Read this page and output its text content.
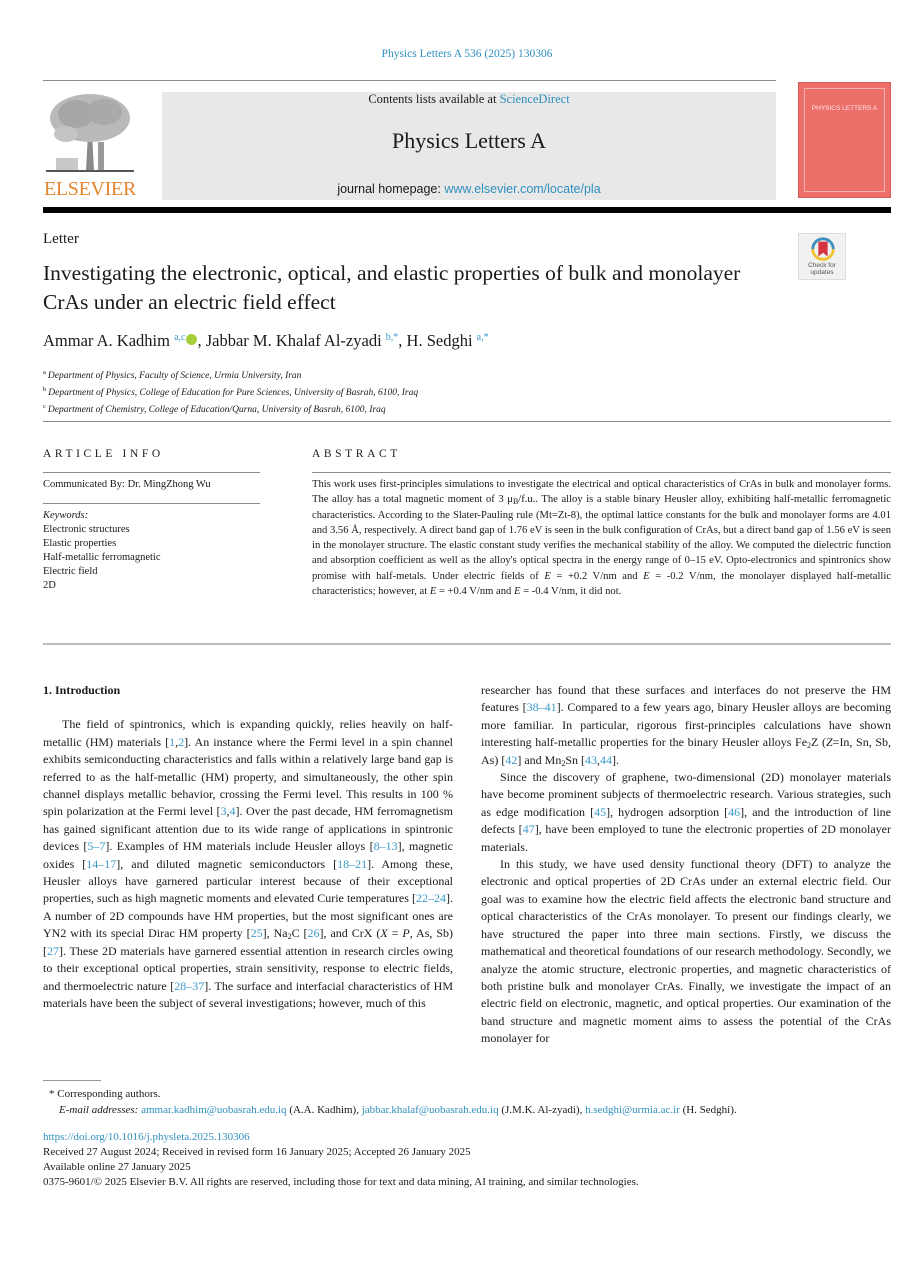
Physics Letters A 536 (2025) 130306
ELSEVIER
Contents lists available at ScienceDirect
Physics Letters A
journal homepage: www.elsevier.com/locate/pla
PHYSICS LETTERS A
Letter
Check for updates
Investigating the electronic, optical, and elastic properties of bulk and monolayer CrAs under an electric field effect
Ammar A. Kadhim $^{a,c}$ , Jabbar M. Khalaf Al-zyadi $^{b,*}$, H. Sedghi $^{a,*}$
$^a$ Department of Physics, Faculty of Science, Urmia University, Iran
$^b$ Department of Physics, College of Education for Pure Sciences, University of Basrah, 6100, Iraq
$^c$ Department of Chemistry, College of Education/Qurna, University of Basrah, 6100, Iraq
ARTICLE INFO
Communicated By: Dr. MingZhong Wu
Keywords:
Electronic structures
Elastic properties
Half-metallic ferromagnetic
Electric field
2D
ABSTRACT
This work uses first-principles simulations to investigate the electrical and optical characteristics of CrAs in bulk and monolayer forms. The alloy has a total magnetic moment of 3 $\mu_B/f.u$.. The alloy is a stable binary Heusler alloy, exhibiting half-metallic ferromagnetic characteristics. According to the Slater-Pauling rule (Mt=Zt-8), the optimal lattice constants for the bulk and monolayer forms are 4.01 and 3.56 Å, respectively. A direct band gap of 1.76 eV is seen in the bulk configuration of CrAs, but a direct band gap of 1.56 eV is seen in the monolayer structure. The elastic constant study verifies the mechanical stability of the alloy. We computed the dielectric function and absorption coefficient as well as the alloy's optical spectra in the energy range of 0–15 eV. Opto-electronics and spintronics show promise with half-metals. Under electric fields of E = +0.2 V/nm and E = -0.2 V/nm, the monolayer displayed half-metallic characteristics; however, at E = +0.4 V/nm and E = -0.4 V/nm, it did not.
1. Introduction

The field of spintronics, which is expanding quickly, relies heavily on half-metallic (HM) materials [1,2]. An instance where the Fermi level in a spin channel exhibits semiconducting characteristics and falls within a relatively large band gap is referred to as the half-metallic (HM) property, and simultaneously, the other spin channel displays metallic behavior, crossing the Fermi level. This results in 100 % spin polarization at the Fermi level [3,4]. Over the past decade, HM ferromagnetism has gained significant attention due to its wide range of applications in spintronic devices [5–7]. Examples of HM materials include Heusler alloys [8–13], magnetic oxides [14–17], and diluted magnetic semiconductors [18–21]. Among these, Heusler alloys have garnered particular interest because of their exceptional properties, such as high magnetic moments and elevated Curie temperatures [22–24]. A number of 2D compounds have HM properties, but the most significant ones are YN2 with its special Dirac HM property [25], $Na_2C$ [26], and CrX (X = P, As, Sb) [27]. These 2D materials have garnered essential attention in research circles owing to their exceptional optical properties, strain sensitivity, response to electric fields, and thermoelectric nature [28–37]. The surface and interfacial characteristics of HM materials have been the subject of several investigations; however, much of this

researcher has found that these surfaces and interfaces do not preserve the HM features [38–41]. Compared to a few years ago, binary Heusler alloys are becoming more familiar. In particular, rigorous first-principles calculations have shown interesting half-metallic properties for the binary Heusler alloys $Fe_2Z$ (Z=In, Sn, Sb, As) [42] and $Mn_2Sn$ [43,44].

Since the discovery of graphene, two-dimensional (2D) monolayer materials have become prominent subjects of thermoelectric research. Various strategies, such as edge modification [45], hydrogen adsorption [46], and the introduction of line defects [47], have been employed to tune the electronic properties of 2D monolayer materials.

In this study, we have used density functional theory (DFT) to analyze the electronic and optical properties of 2D CrAs under an external electric field. Our goal was to examine how the electric field affects the electronic band structure and optical characteristics of the CrAs monolayer. To present our findings clearly, we have structured the paper into three main sections. Firstly, we discuss the mathematical and theoretical foundations of our research methodology. Secondly, we analyze the atomic structure, electronic properties, and magnetic characteristics of both pristine bulk and monolayer CrAs. Finally, we investigate the impact of an electric field on electronic, magnetic, and optical properties. Our examination of the band structure and magnetic moment aims to assess the potential of the CrAs monolayer for

* Corresponding authors.
E-mail addresses: ammar.kadhim@uobasrah.edu.iq (A.A. Kadhim), jabbar.khalaf@uobasrah.edu.iq (J.M.K. Al-zyadi), h.sedghi@urmia.ac.ir (H. Sedghi).
https://doi.org/10.1016/j.physleta.2025.130306
Received 27 August 2024; Received in revised form 16 January 2025; Accepted 26 January 2025
Available online 27 January 2025
0375-9601/© 2025 Elsevier B.V. All rights are reserved, including those for text and data mining, AI training, and similar technologies.
